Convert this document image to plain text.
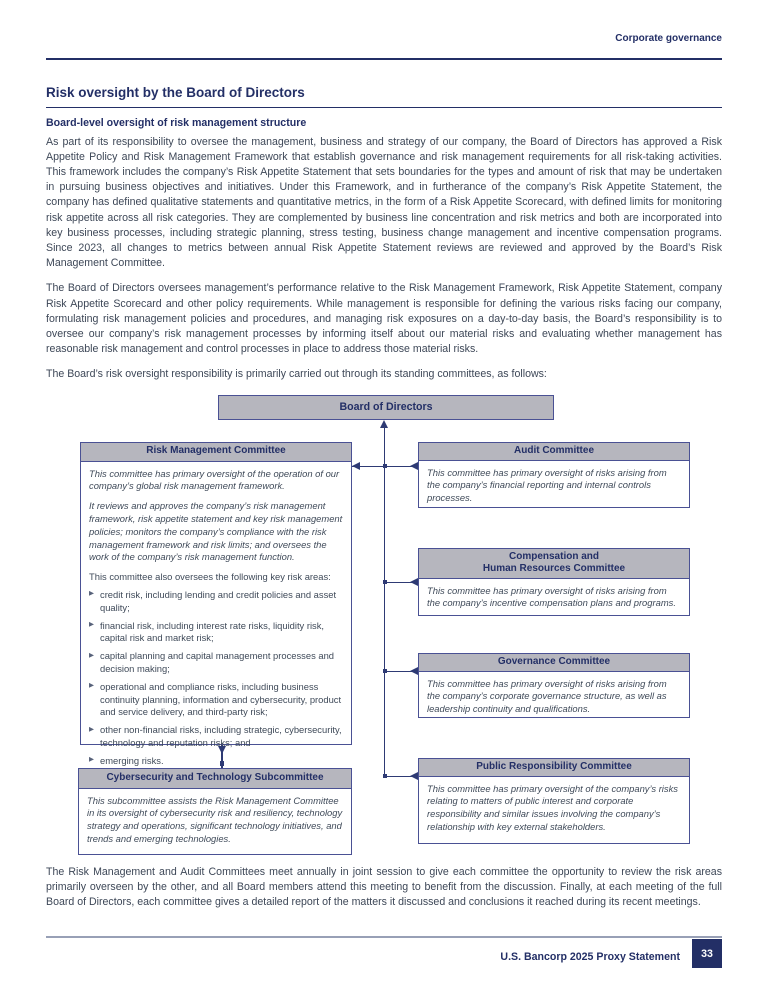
Corporate governance
Risk oversight by the Board of Directors
Board-level oversight of risk management structure

As part of its responsibility to oversee the management, business and strategy of our company, the Board of Directors has approved a Risk Appetite Policy and Risk Management Framework that establish governance and risk management requirements for all risk-taking activities. This framework includes the company’s Risk Appetite Statement that sets boundaries for the types and amount of risk that may be undertaken in pursuing business objectives and initiatives. Under this Framework, and in furtherance of the company’s Risk Appetite Statement, the company has defined qualitative statements and quantitative metrics, in the form of a Risk Appetite Scorecard, with defined limits for monitoring risk appetite across all risk categories. They are complemented by business line concentration and risk metrics and both are incorporated into key business processes, including strategic planning, stress testing, business change management and incentive compensation programs. Since 2023, all changes to metrics between annual Risk Appetite Statement reviews are reviewed and approved by the Board’s Risk Management Committee.

The Board of Directors oversees management’s performance relative to the Risk Management Framework, Risk Appetite Statement, company Risk Appetite Scorecard and other policy requirements. While management is responsible for defining the various risks facing our company, formulating risk management policies and procedures, and managing risk exposures on a day-to-day basis, the Board’s responsibility is to oversee our company’s risk management processes by informing itself about our material risks and evaluating whether management has reasonable risk management and control processes in place to address those material risks.

The Board’s risk oversight responsibility is primarily carried out through its standing committees, as follows:

Board of Directors
Risk Management Committee

This committee has primary oversight of the operation of our company’s global risk management framework.

It reviews and approves the company’s risk management framework, risk appetite statement and key risk management policies; monitors the company’s compliance with the risk management framework and risk limits; and oversees the work of the company’s risk management function.

This committee also oversees the following key risk areas:

▶ credit risk, including lending and credit policies and asset quality;
▶ financial risk, including interest rate risks, liquidity risk, capital risk and market risk;
▶ capital planning and capital management processes and decision making;
▶ operational and compliance risks, including business continuity planning, information and cybersecurity, product and service delivery, and third-party risk;
▶ other non-financial risks, including strategic, cybersecurity, technology and reputation risks; and
▶ emerging risks.
Audit Committee

This committee has primary oversight of risks arising from the company’s financial reporting and internal controls processes.

Compensation and
Human Resources Committee

This committee has primary oversight of risks arising from the company’s incentive compensation plans and programs.

Governance Committee

This committee has primary oversight of risks arising from the company’s corporate governance structure, as well as leadership continuity and qualifications.

Public Responsibility Committee

This committee has primary oversight of the company’s risks relating to matters of public interest and corporate responsibility and similar issues involving the company’s relationship with key external stakeholders.

Cybersecurity and Technology Subcommittee

This subcommittee assists the Risk Management Committee in its oversight of cybersecurity risk and resiliency, technology strategy and operations, significant technology initiatives, and trends and emerging technologies.

The Risk Management and Audit Committees meet annually in joint session to give each committee the opportunity to review the risk areas primarily overseen by the other, and all Board members attend this meeting to benefit from the discussion. Finally, at each meeting of the full Board of Directors, each committee gives a detailed report of the matters it discussed and conclusions it reached during its recent meetings.

U.S. Bancorp 2025 Proxy Statement	33
